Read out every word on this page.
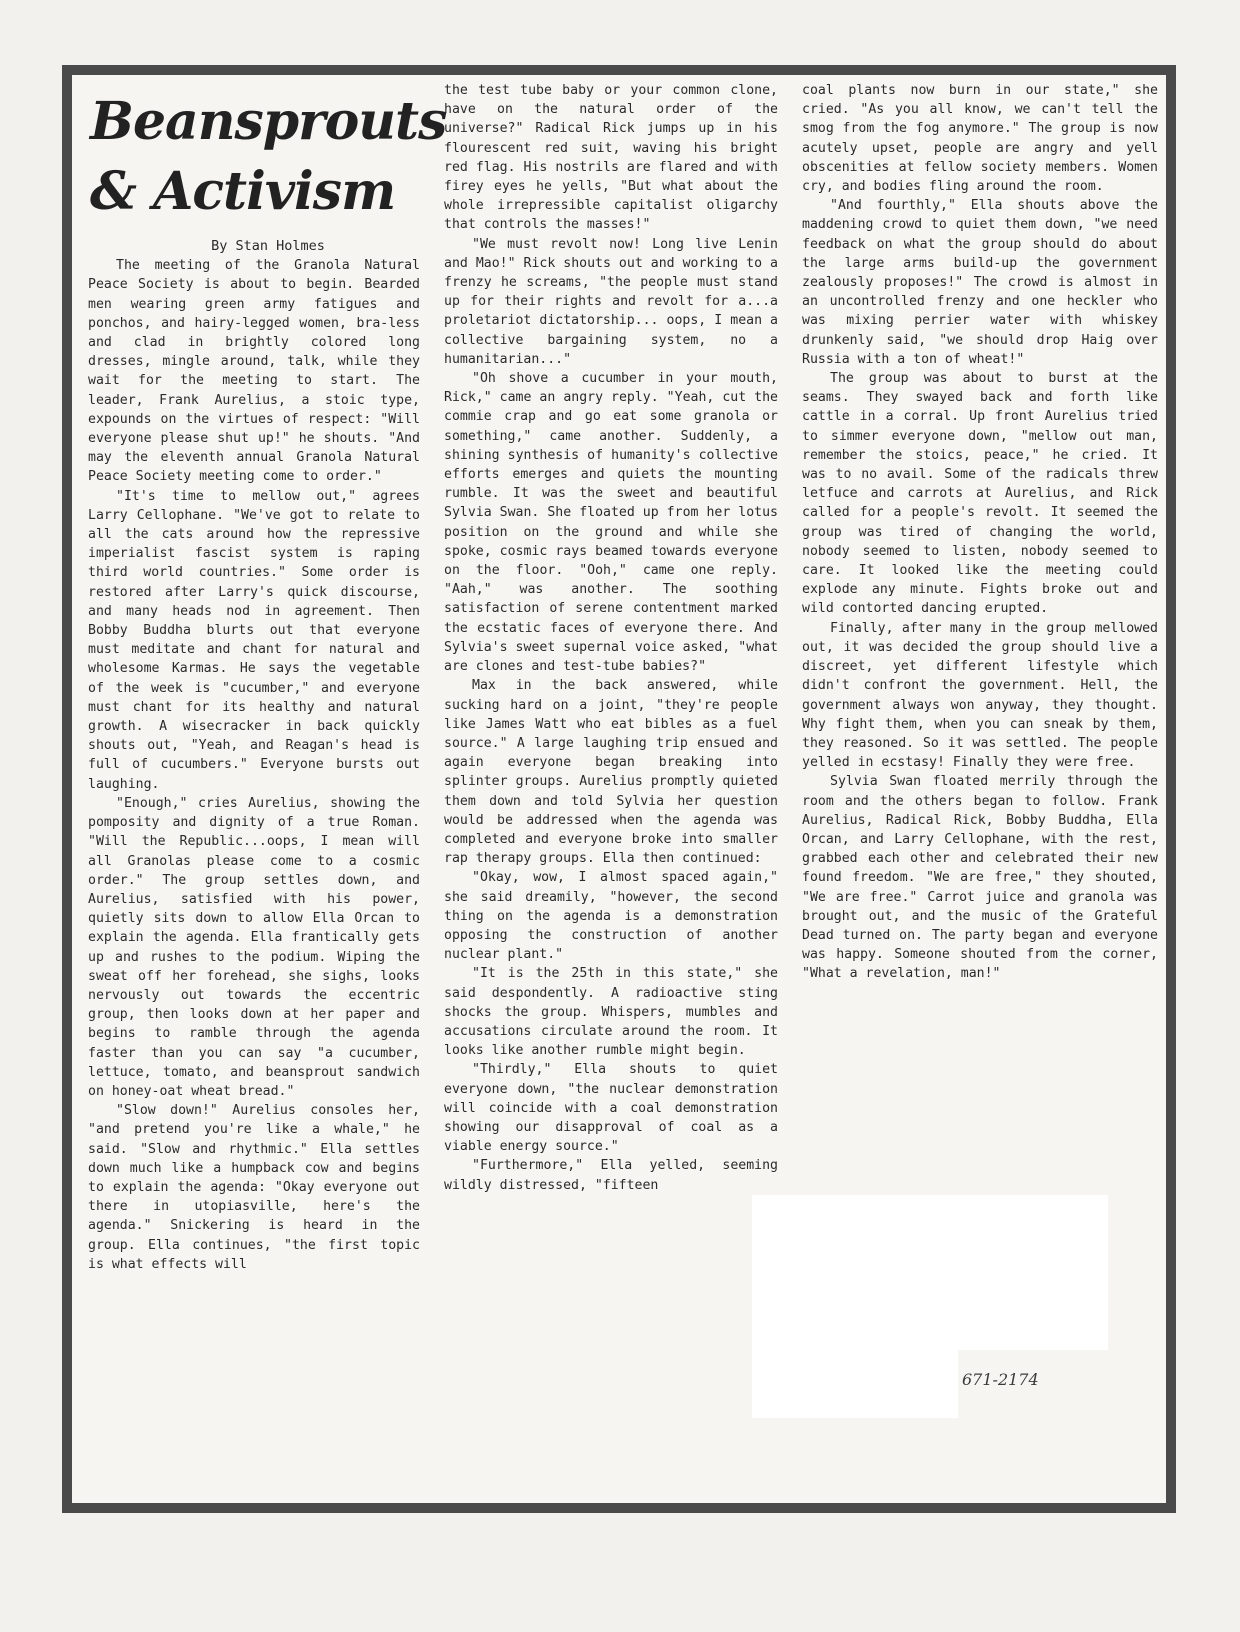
Beansprouts
& Activism

By Stan Holmes

The meeting of the Granola Natural Peace Society is about to begin. Bearded men wearing green army fatigues and ponchos, and hairy-legged women, bra-less and clad in brightly colored long dresses, mingle around, talk, while they wait for the meeting to start. The leader, Frank Aurelius, a stoic type, expounds on the virtues of respect: "Will everyone please shut up!" he shouts. "And may the eleventh annual Granola Natural Peace Society meeting come to order."

"It's time to mellow out," agrees Larry Cellophane. "We've got to relate to all the cats around how the repressive imperialist fascist system is raping third world countries." Some order is restored after Larry's quick discourse, and many heads nod in agreement. Then Bobby Buddha blurts out that everyone must meditate and chant for natural and wholesome Karmas. He says the vegetable of the week is "cucumber," and everyone must chant for its healthy and natural growth. A wisecracker in back quickly shouts out, "Yeah, and Reagan's head is full of cucumbers." Everyone bursts out laughing.

"Enough," cries Aurelius, showing the pomposity and dignity of a true Roman. "Will the Republic...oops, I mean will all Granolas please come to a cosmic order." The group settles down, and Aurelius, satisfied with his power, quietly sits down to allow Ella Orcan to explain the agenda. Ella frantically gets up and rushes to the podium. Wiping the sweat off her forehead, she sighs, looks nervously out towards the eccentric group, then looks down at her paper and begins to ramble through the agenda faster than you can say "a cucumber, lettuce, tomato, and beansprout sandwich on honey-oat wheat bread."

"Slow down!" Aurelius consoles her, "and pretend you're like a whale," he said. "Slow and rhythmic." Ella settles down much like a humpback cow and begins to explain the agenda: "Okay everyone out there in utopiasville, here's the agenda." Snickering is heard in the group. Ella continues, "the first topic is what effects will

the test tube baby or your common clone, have on the natural order of the universe?" Radical Rick jumps up in his flourescent red suit, waving his bright red flag. His nostrils are flared and with firey eyes he yells, "But what about the whole irrepressible capitalist oligarchy that controls the masses!"

"We must revolt now! Long live Lenin and Mao!" Rick shouts out and working to a frenzy he screams, "the people must stand up for their rights and revolt for a...a proletariot dictatorship... oops, I mean a collective bargaining system, no a humanitarian..."

"Oh shove a cucumber in your mouth, Rick," came an angry reply. "Yeah, cut the commie crap and go eat some granola or something," came another. Suddenly, a shining synthesis of humanity's collective efforts emerges and quiets the mounting rumble. It was the sweet and beautiful Sylvia Swan. She floated up from her lotus position on the ground and while she spoke, cosmic rays beamed towards everyone on the floor. "Ooh," came one reply. "Aah," was another. The soothing satisfaction of serene contentment marked the ecstatic faces of everyone there. And Sylvia's sweet supernal voice asked, "what are clones and test-tube babies?"

Max in the back answered, while sucking hard on a joint, "they're people like James Watt who eat bibles as a fuel source." A large laughing trip ensued and again everyone began breaking into splinter groups. Aurelius promptly quieted them down and told Sylvia her question would be addressed when the agenda was completed and everyone broke into smaller rap therapy groups. Ella then continued:

"Okay, wow, I almost spaced again," she said dreamily, "however, the second thing on the agenda is a demonstration opposing the construction of another nuclear plant."

"It is the 25th in this state," she said despondently. A radioactive sting shocks the group. Whispers, mumbles and accusations circulate around the room. It looks like another rumble might begin.

"Thirdly," Ella shouts to quiet everyone down, "the nuclear demonstration will coincide with a coal demonstration showing our disapproval of coal as a viable energy source."

"Furthermore," Ella yelled, seeming wildly distressed, "fifteen

coal plants now burn in our state," she cried. "As you all know, we can't tell the smog from the fog anymore." The group is now acutely upset, people are angry and yell obscenities at fellow society members. Women cry, and bodies fling around the room.

"And fourthly," Ella shouts above the maddening crowd to quiet them down, "we need feedback on what the group should do about the large arms build-up the government zealously proposes!" The crowd is almost in an uncontrolled frenzy and one heckler who was mixing perrier water with whiskey drunkenly said, "we should drop Haig over Russia with a ton of wheat!"

The group was about to burst at the seams. They swayed back and forth like cattle in a corral. Up front Aurelius tried to simmer everyone down, "mellow out man, remember the stoics, peace," he cried. It was to no avail. Some of the radicals threw letfuce and carrots at Aurelius, and Rick called for a people's revolt. It seemed the group was tired of changing the world, nobody seemed to listen, nobody seemed to care. It looked like the meeting could explode any minute. Fights broke out and wild contorted dancing erupted.

Finally, after many in the group mellowed out, it was decided the group should live a discreet, yet different lifestyle which didn't confront the government. Hell, the government always won anyway, they thought. Why fight them, when you can sneak by them, they reasoned. So it was settled. The people yelled in ecstasy! Finally they were free.

Sylvia Swan floated merrily through the room and the others began to follow. Frank Aurelius, Radical Rick, Bobby Buddha, Ella Orcan, and Larry Cellophane, with the rest, grabbed each other and celebrated their new found freedom. "We are free," they shouted, "We are free." Carrot juice and granola was brought out, and the music of the Grateful Dead turned on. The party began and everyone was happy. Someone shouted from the corner, "What a revelation, man!"

671-2174
